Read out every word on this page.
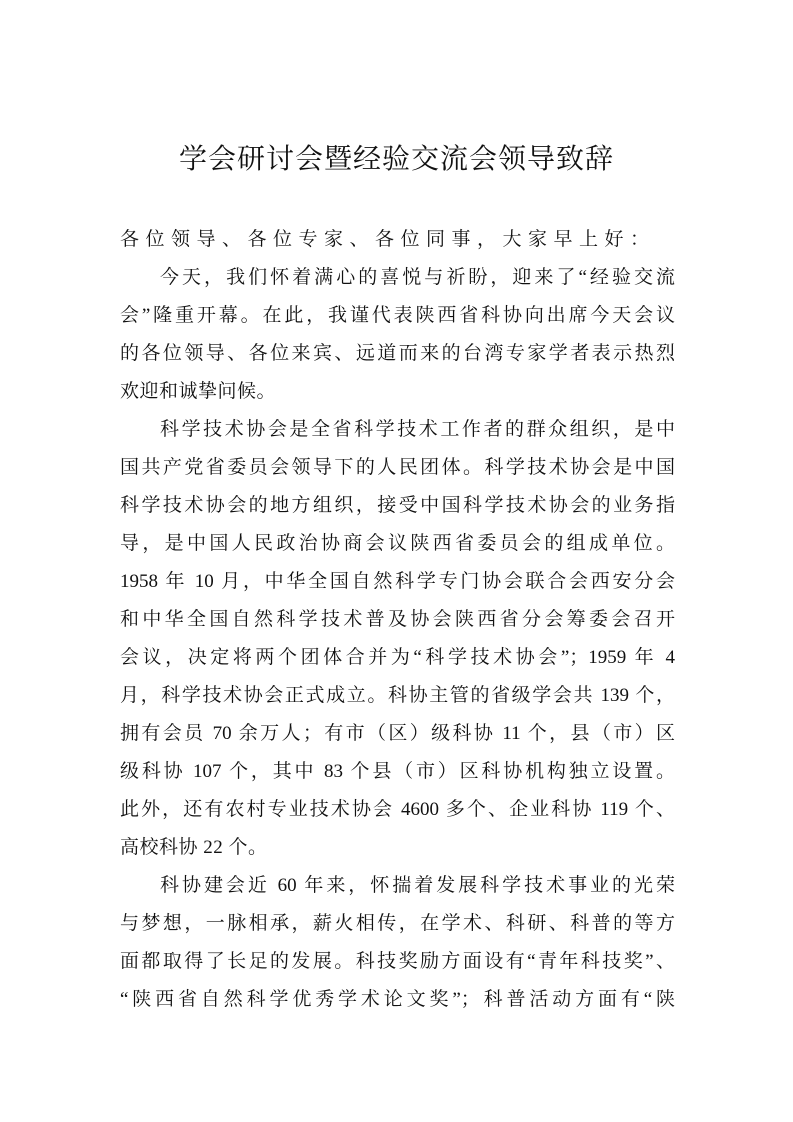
学会研讨会暨经验交流会领导致辞
各位领导、各位专家、各位同事，大家早上好：
今天，我们怀着满心的喜悦与祈盼，迎来了“经验交流
会”隆重开幕。在此，我谨代表陕西省科协向出席今天会议
的各位领导、各位来宾、远道而来的台湾专家学者表示热烈
欢迎和诚挚问候。
科学技术协会是全省科学技术工作者的群众组织，是中
国共产党省委员会领导下的人民团体。科学技术协会是中国
科学技术协会的地方组织，接受中国科学技术协会的业务指
导，是中国人民政治协商会议陕西省委员会的组成单位。
1958 年 10 月，中华全国自然科学专门协会联合会西安分会
和中华全国自然科学技术普及协会陕西省分会筹委会召开
会议，决定将两个团体合并为“科学技术协会”；1959 年 4
月，科学技术协会正式成立。科协主管的省级学会共 139 个，
拥有会员 70 余万人；有市（区）级科协 11 个，县（市）区
级科协 107 个，其中 83 个县（市）区科协机构独立设置。
此外，还有农村专业技术协会 4600 多个、企业科协 119 个、
高校科协 22 个。
科协建会近 60 年来，怀揣着发展科学技术事业的光荣
与梦想，一脉相承，薪火相传，在学术、科研、科普的等方
面都取得了长足的发展。科技奖励方面设有“青年科技奖”、
“陕西省自然科学优秀学术论文奖”；科普活动方面有“陕
